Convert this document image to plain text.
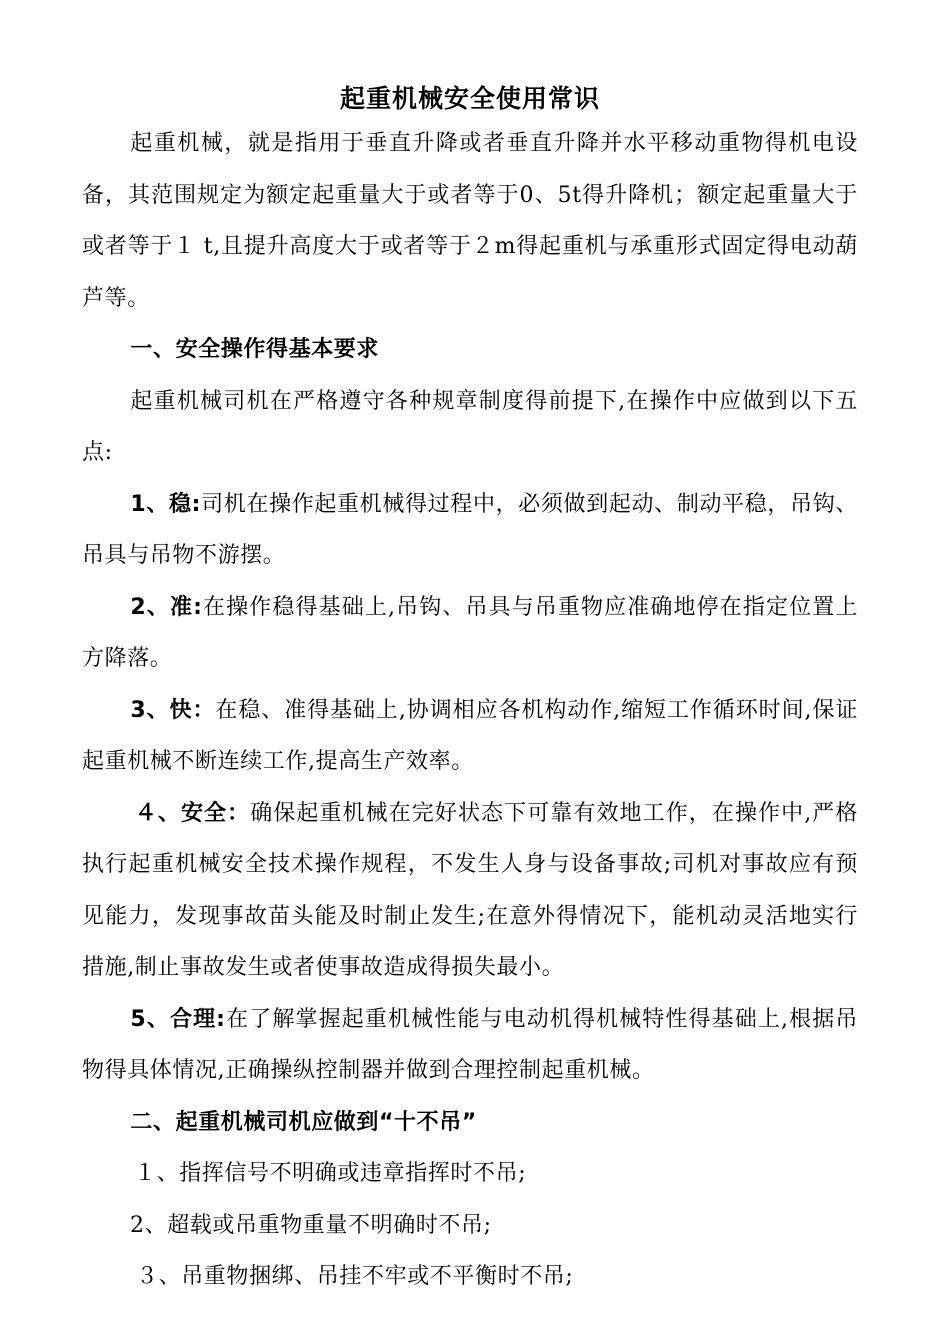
起重机械安全使用常识

起重机械，就是指用于垂直升降或者垂直升降并水平移动重物得机电设备，其范围规定为额定起重量大于或者等于0、5t得升降机；额定起重量大于或者等于１ t,且提升高度大于或者等于２m得起重机与承重形式固定得电动葫芦等。

一、安全操作得基本要求

起重机械司机在严格遵守各种规章制度得前提下,在操作中应做到以下五点:

1、稳:司机在操作起重机械得过程中，必须做到起动、制动平稳，吊钩、吊具与吊物不游摆。

2、准:在操作稳得基础上,吊钩、吊具与吊重物应准确地停在指定位置上方降落。

3、快：在稳、准得基础上,协调相应各机构动作,缩短工作循环时间,保证起重机械不断连续工作,提高生产效率。

４、安全：确保起重机械在完好状态下可靠有效地工作，在操作中,严格执行起重机械安全技术操作规程，不发生人身与设备事故;司机对事故应有预见能力，发现事故苗头能及时制止发生;在意外得情况下，能机动灵活地实行措施,制止事故发生或者使事故造成得损失最小。

5、合理:在了解掌握起重机械性能与电动机得机械特性得基础上,根据吊物得具体情况,正确操纵控制器并做到合理控制起重机械。

二、起重机械司机应做到“十不吊”

１、指挥信号不明确或违章指挥时不吊;

2、超载或吊重物重量不明确时不吊;

３、吊重物捆绑、吊挂不牢或不平衡时不吊;
